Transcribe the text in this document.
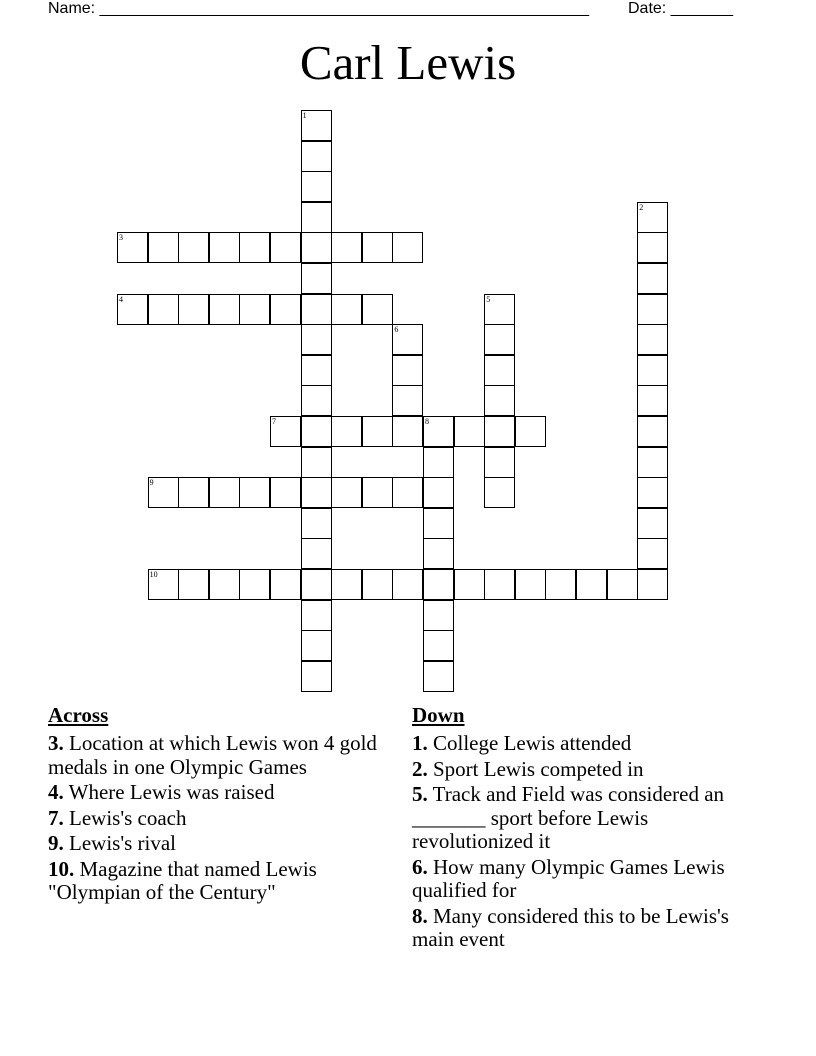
Name: _______________________________________________________ Date: _______
Carl Lewis
1
2
3
4	5
6
7	8
9
10
Across
3. Location at which Lewis won 4 gold medals in one Olympic Games
4. Where Lewis was raised
7. Lewis's coach
9. Lewis's rival
10. Magazine that named Lewis "Olympian of the Century"
Down
1. College Lewis attended
2. Sport Lewis competed in
5. Track and Field was considered an _______ sport before Lewis revolutionized it
6. How many Olympic Games Lewis qualified for
8. Many considered this to be Lewis's main event
